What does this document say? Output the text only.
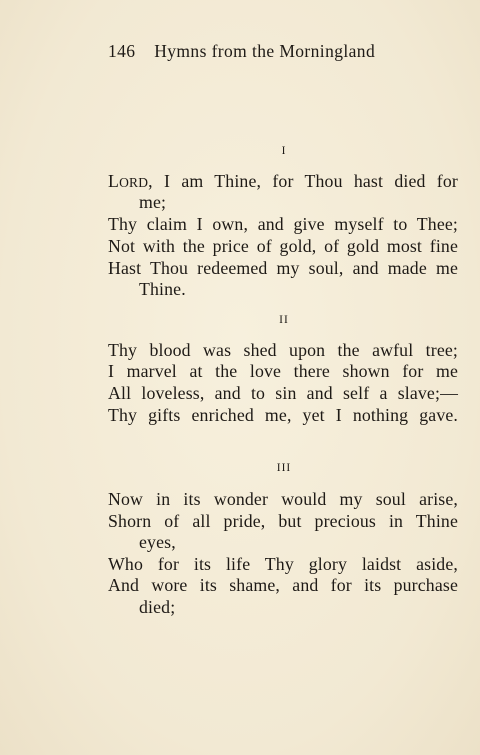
146 Hymns from the Morningland
I
LORD, I am Thine, for Thou hast died for
me;
Thy claim I own, and give myself to Thee;
Not with the price of gold, of gold most fine
Hast Thou redeemed my soul, and made me
Thine.
II
Thy blood was shed upon the awful tree;
I marvel at the love there shown for me
All loveless, and to sin and self a slave;—
Thy gifts enriched me, yet I nothing gave.
III
Now in its wonder would my soul arise,
Shorn of all pride, but precious in Thine
eyes,
Who for its life Thy glory laidst aside,
And wore its shame, and for its purchase
died;
